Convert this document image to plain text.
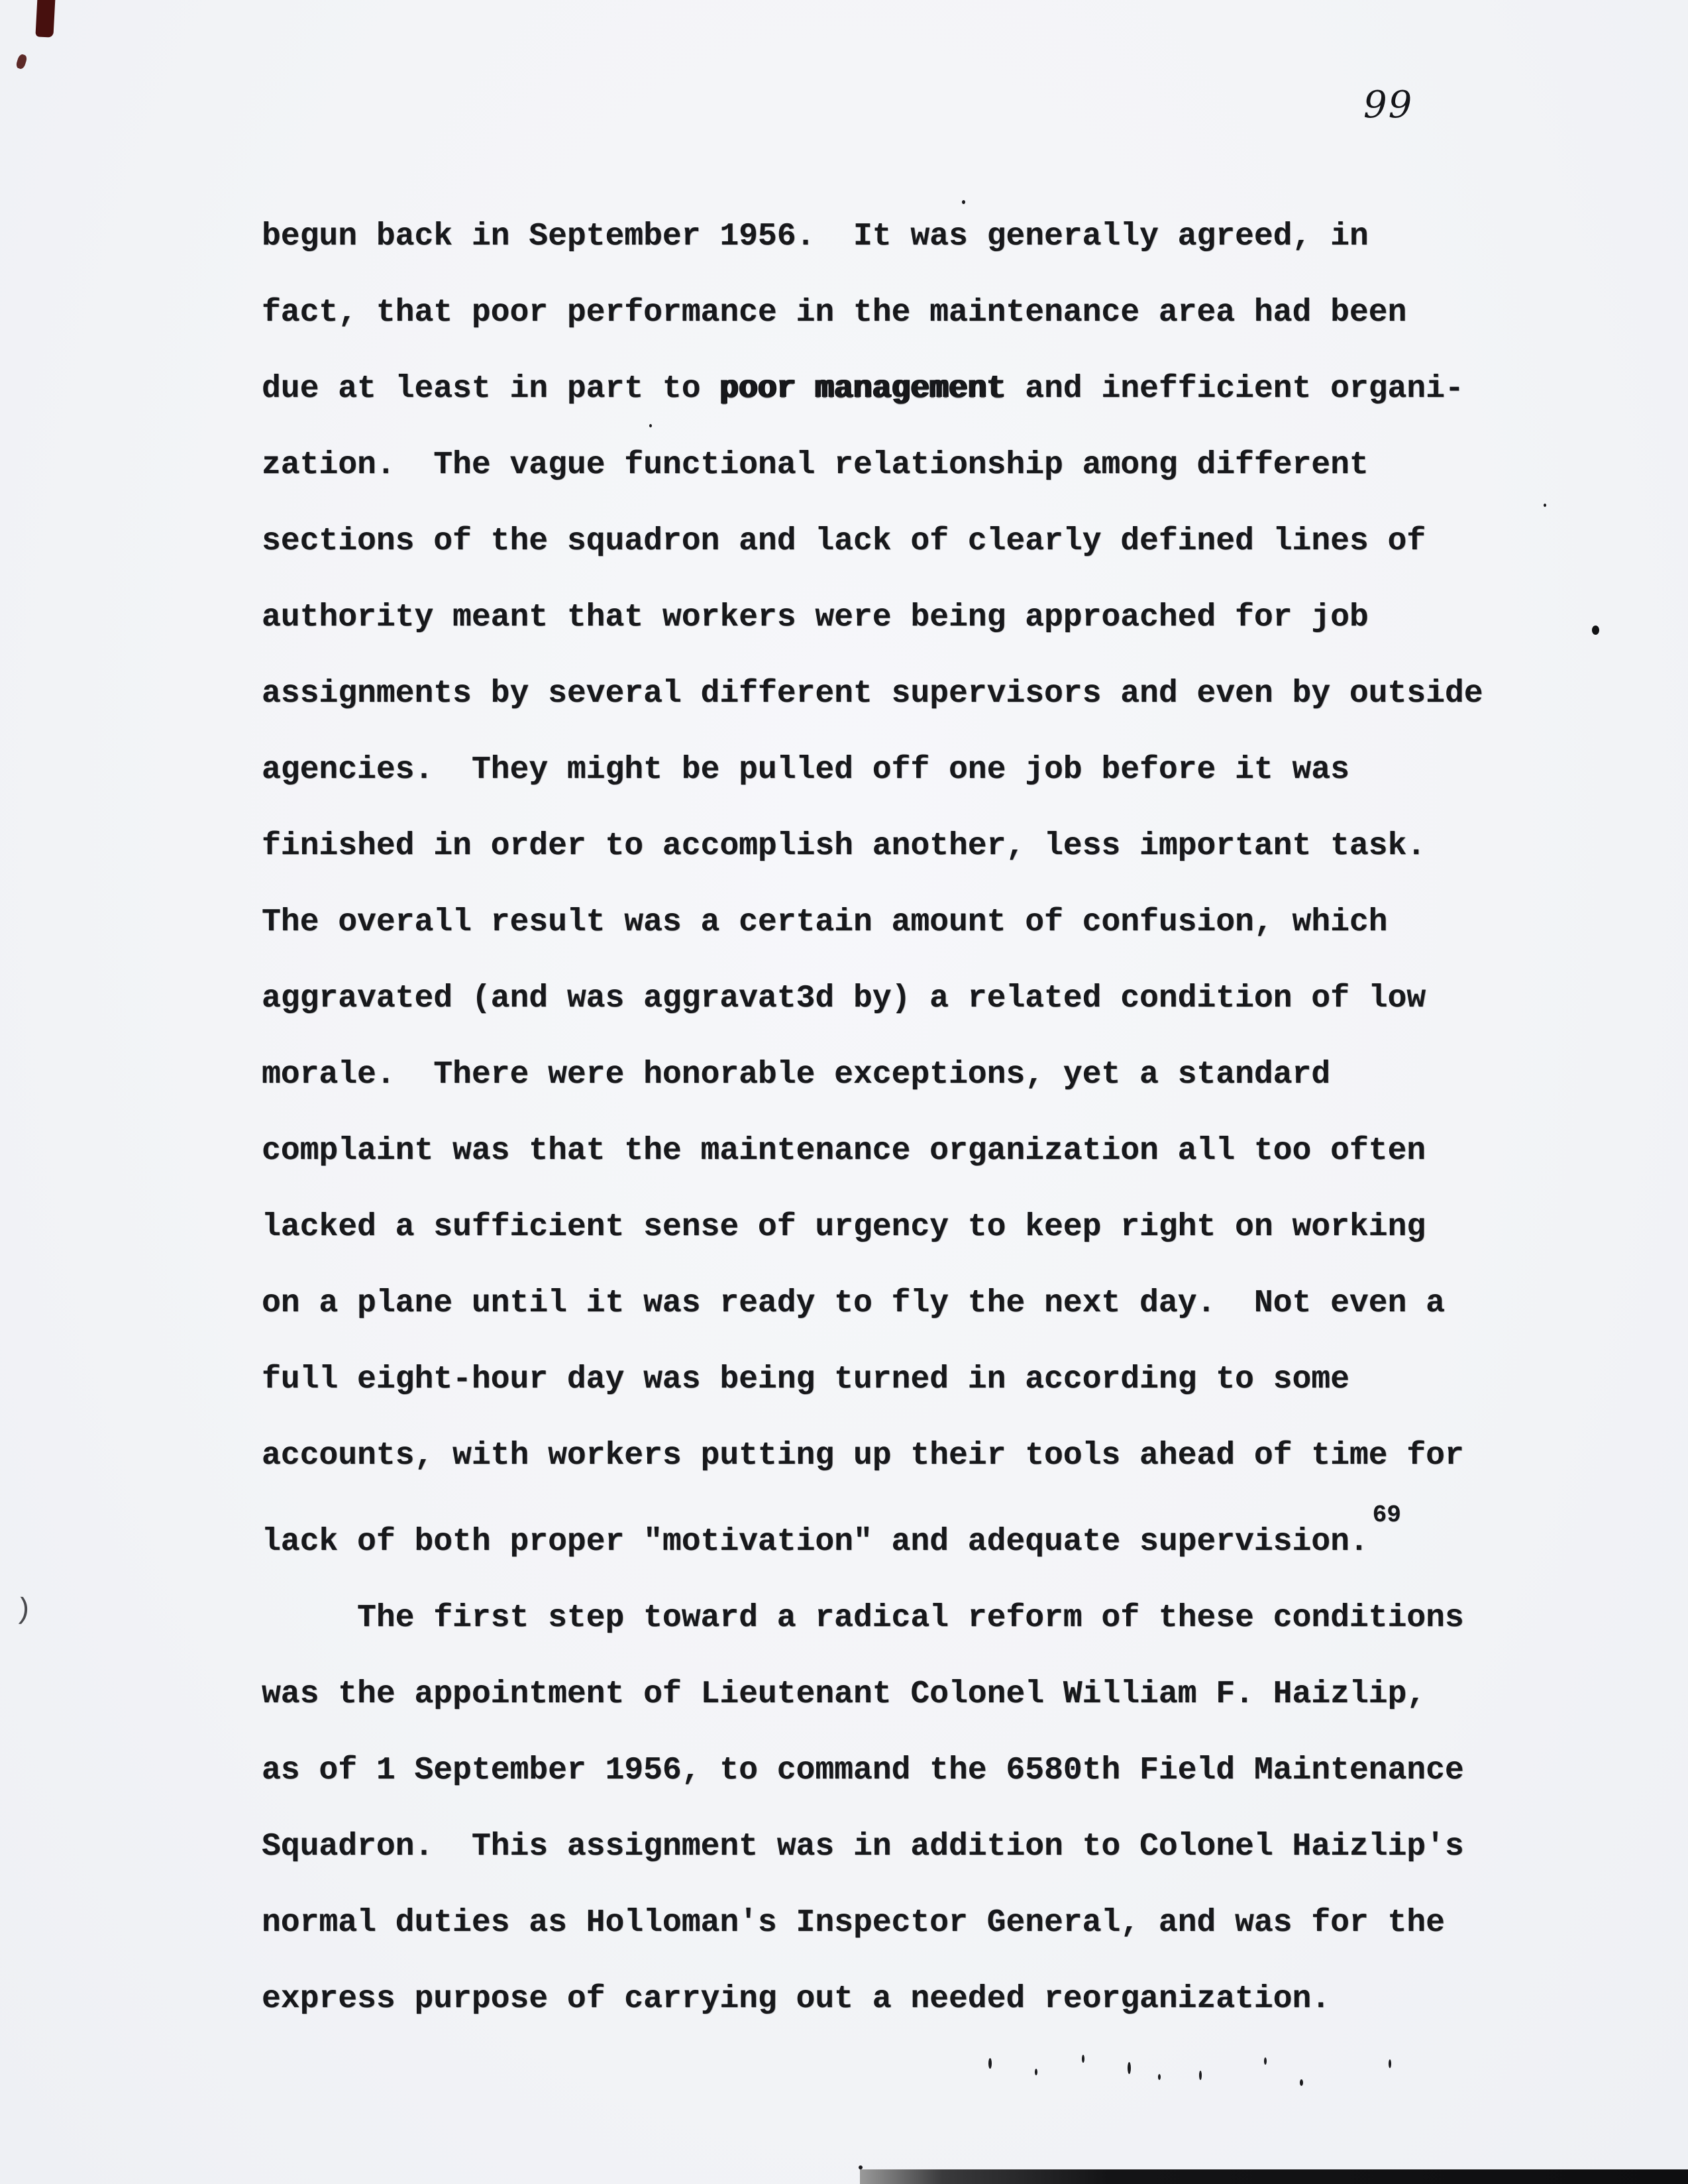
99
)
begun back in September 1956.  It was generally agreed, in
fact, that poor performance in the maintenance area had been
due at least in part to poor management and inefficient organi-
zation.  The vague functional relationship among different
sections of the squadron and lack of clearly defined lines of
authority meant that workers were being approached for job
assignments by several different supervisors and even by outside
agencies.  They might be pulled off one job before it was
finished in order to accomplish another, less important task.
The overall result was a certain amount of confusion, which
aggravated (and was aggravat3d by) a related condition of low
morale.  There were honorable exceptions, yet a standard
complaint was that the maintenance organization all too often
lacked a sufficient sense of urgency to keep right on working
on a plane until it was ready to fly the next day.  Not even a
full eight-hour day was being turned in according to some
accounts, with workers putting up their tools ahead of time for
lack of both proper "motivation" and adequate supervision.$^{69}$
The first step toward a radical reform of these conditions
was the appointment of Lieutenant Colonel William F. Haizlip,
as of 1 September 1956, to command the 6580th Field Maintenance
Squadron.  This assignment was in addition to Colonel Haizlip's
normal duties as Holloman's Inspector General, and was for the
express purpose of carrying out a needed reorganization.
